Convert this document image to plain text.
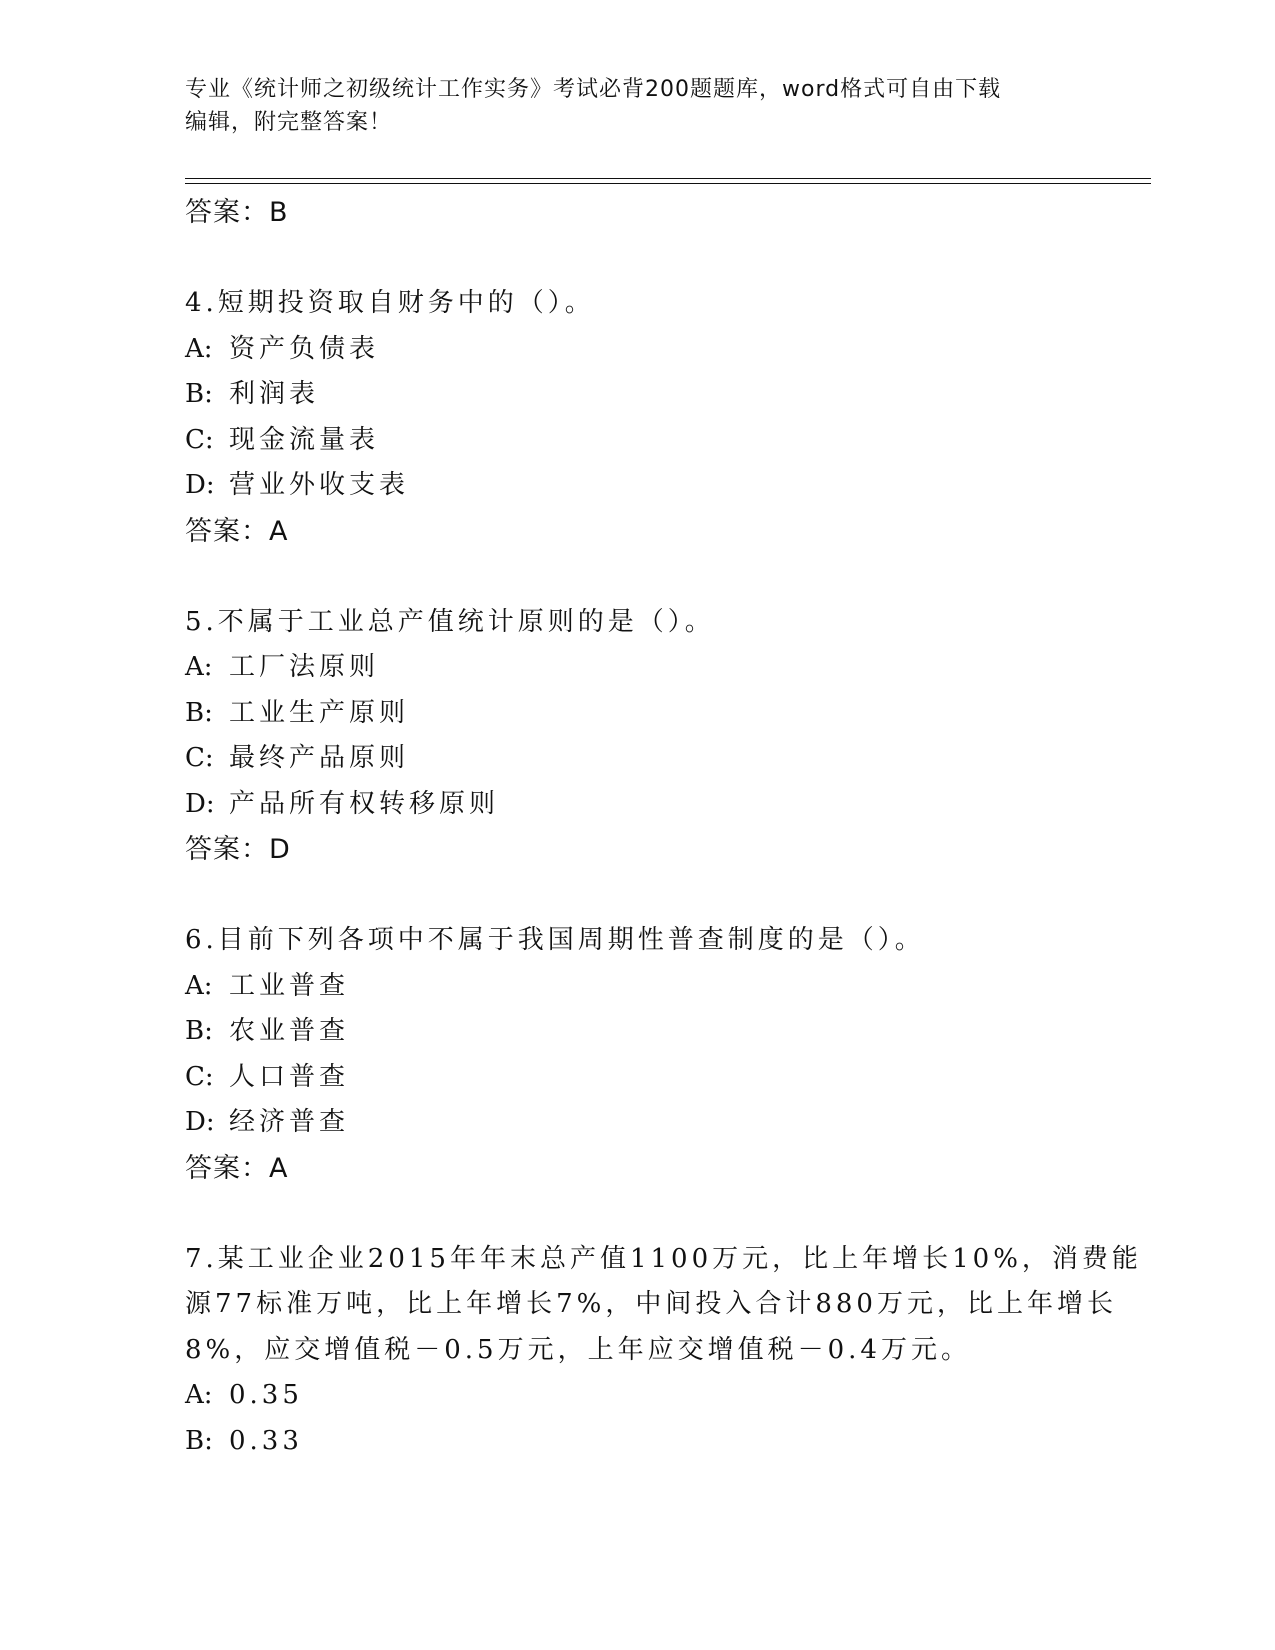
专业《统计师之初级统计工作实务》考试必背200题题库，word格式可自由下载
编辑，附完整答案！
答案：B
4.短期投资取自财务中的（）。
A: 资产负债表
B: 利润表
C: 现金流量表
D: 营业外收支表
答案：A
5.不属于工业总产值统计原则的是（）。
A: 工厂法原则
B: 工业生产原则
C: 最终产品原则
D: 产品所有权转移原则
答案：D
6.目前下列各项中不属于我国周期性普查制度的是（）。
A: 工业普查
B: 农业普查
C: 人口普查
D: 经济普查
答案：A
7.某工业企业2015年年末总产值1100万元，比上年增长10%，消费能
源77标准万吨，比上年增长7%，中间投入合计880万元，比上年增长
8%，应交增值税－0.5万元，上年应交增值税－0.4万元。
A: 0.35
B: 0.33
